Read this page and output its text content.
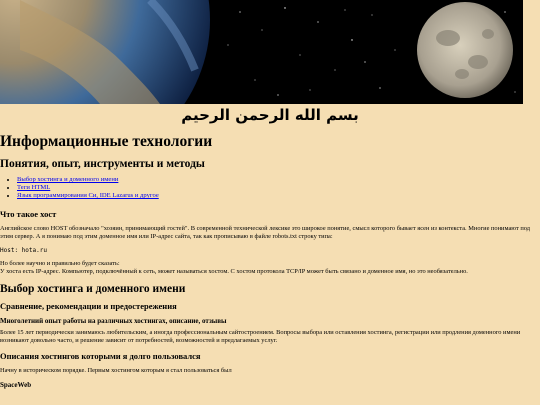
بسم الله الرحمن الرحيم
Информационные технологии
Понятия, опыт, инструменты и методы
• Выбор хостинга и доменного имени
• Теги HTML
• Язык программирования Си, IDE Lazarus и другое
Что такое хост

Английское слово HOST обозначало "хозяин, принимающий гостей". В современной технической лексике это широкое понятие, смысл которого бывает ясен из контекста. Многие понимают под этим сервер. А я понимаю под этим доменное имя или IP-адрес сайта, так как прописываю в файле robots.txt строку типа:

Host: hota.ru

Но более научно и правильно будет сказать:
У хоста есть IP-адрес. Компьютер, подключённый к сеть, может называться хостом. С хостом протокола TCP/IP может быть связано и доменное имя, но это необязательно.

Выбор хостинга и доменного имени
Сравнение, рекомендации и предостережения
Многолетний опыт работы на различных хостингах, описание, отзывы

Более 15 лет периодически занимаюсь любительским, а иногда профессиональным сайтостроением. Вопросы выбора или оставления хостинга, регистрации или продления доменного имени возникают довольно часто, и решение зависит от потребностей, возможностей и предлагаемых услуг.

Описания хостингов которыми я долго пользовался

Начну в историческом порядке. Первым хостингом которым я стал пользоваться был

SpaceWeb
